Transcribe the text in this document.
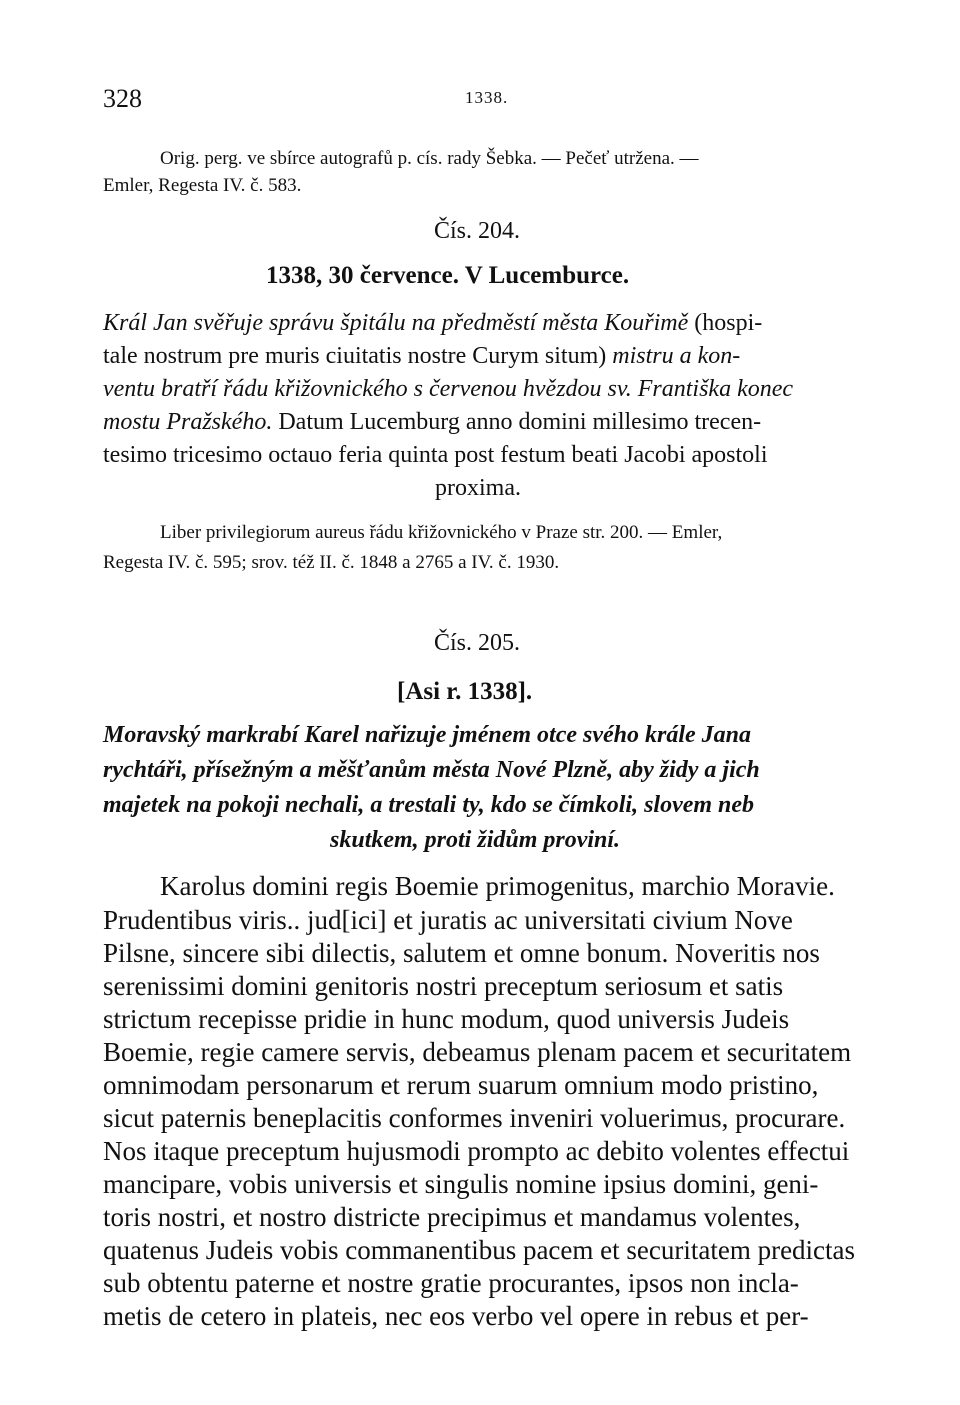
328	1338.
Orig. perg. ve sbírce autografů p. cís. rady Šebka. — Pečeť utržena. —
Emler, Regesta IV. č. 583.
Čís. 204.
1338, 30 července. V Lucemburce.
Král Jan svěřuje správu špitálu na předměstí města Kouřimě (hospi-
tale nostrum pre muris ciuitatis nostre Curym situm) mistru a kon-
ventu bratří řádu křižovnického s červenou hvězdou sv. Františka konec
mostu Pražského. Datum Lucemburg anno domini millesimo trecen-
tesimo tricesimo octauo feria quinta post festum beati Jacobi apostoli
proxima.
Liber privilegiorum aureus řádu křižovnického v Praze str. 200. — Emler,
Regesta IV. č. 595; srov. též II. č. 1848 a 2765 a IV. č. 1930.
Čís. 205.
[Asi r. 1338].
Moravský markrabí Karel nařizuje jménem otce svého krále Jana
rychtáři, přísežným a měšťanům města Nové Plzně, aby židy a jich
majetek na pokoji nechali, a trestali ty, kdo se čímkoli, slovem neb
skutkem, proti židům proviní.
Karolus domini regis Boemie primogenitus, marchio Moravie.
Prudentibus viris.. jud[ici] et juratis ac universitati civium Nove
Pilsne, sincere sibi dilectis, salutem et omne bonum. Noveritis nos
serenissimi domini genitoris nostri preceptum seriosum et satis
strictum recepisse pridie in hunc modum, quod universis Judeis
Boemie, regie camere servis, debeamus plenam pacem et securitatem
omnimodam personarum et rerum suarum omnium modo pristino,
sicut paternis beneplacitis conformes inveniri voluerimus, procurare.
Nos itaque preceptum hujusmodi prompto ac debito volentes effectui
mancipare, vobis universis et singulis nomine ipsius domini, geni-
toris nostri, et nostro districte precipimus et mandamus volentes,
quatenus Judeis vobis commanentibus pacem et securitatem predictas
sub obtentu paterne et nostre gratie procurantes, ipsos non incla-
metis de cetero in plateis, nec eos verbo vel opere in rebus et per-
